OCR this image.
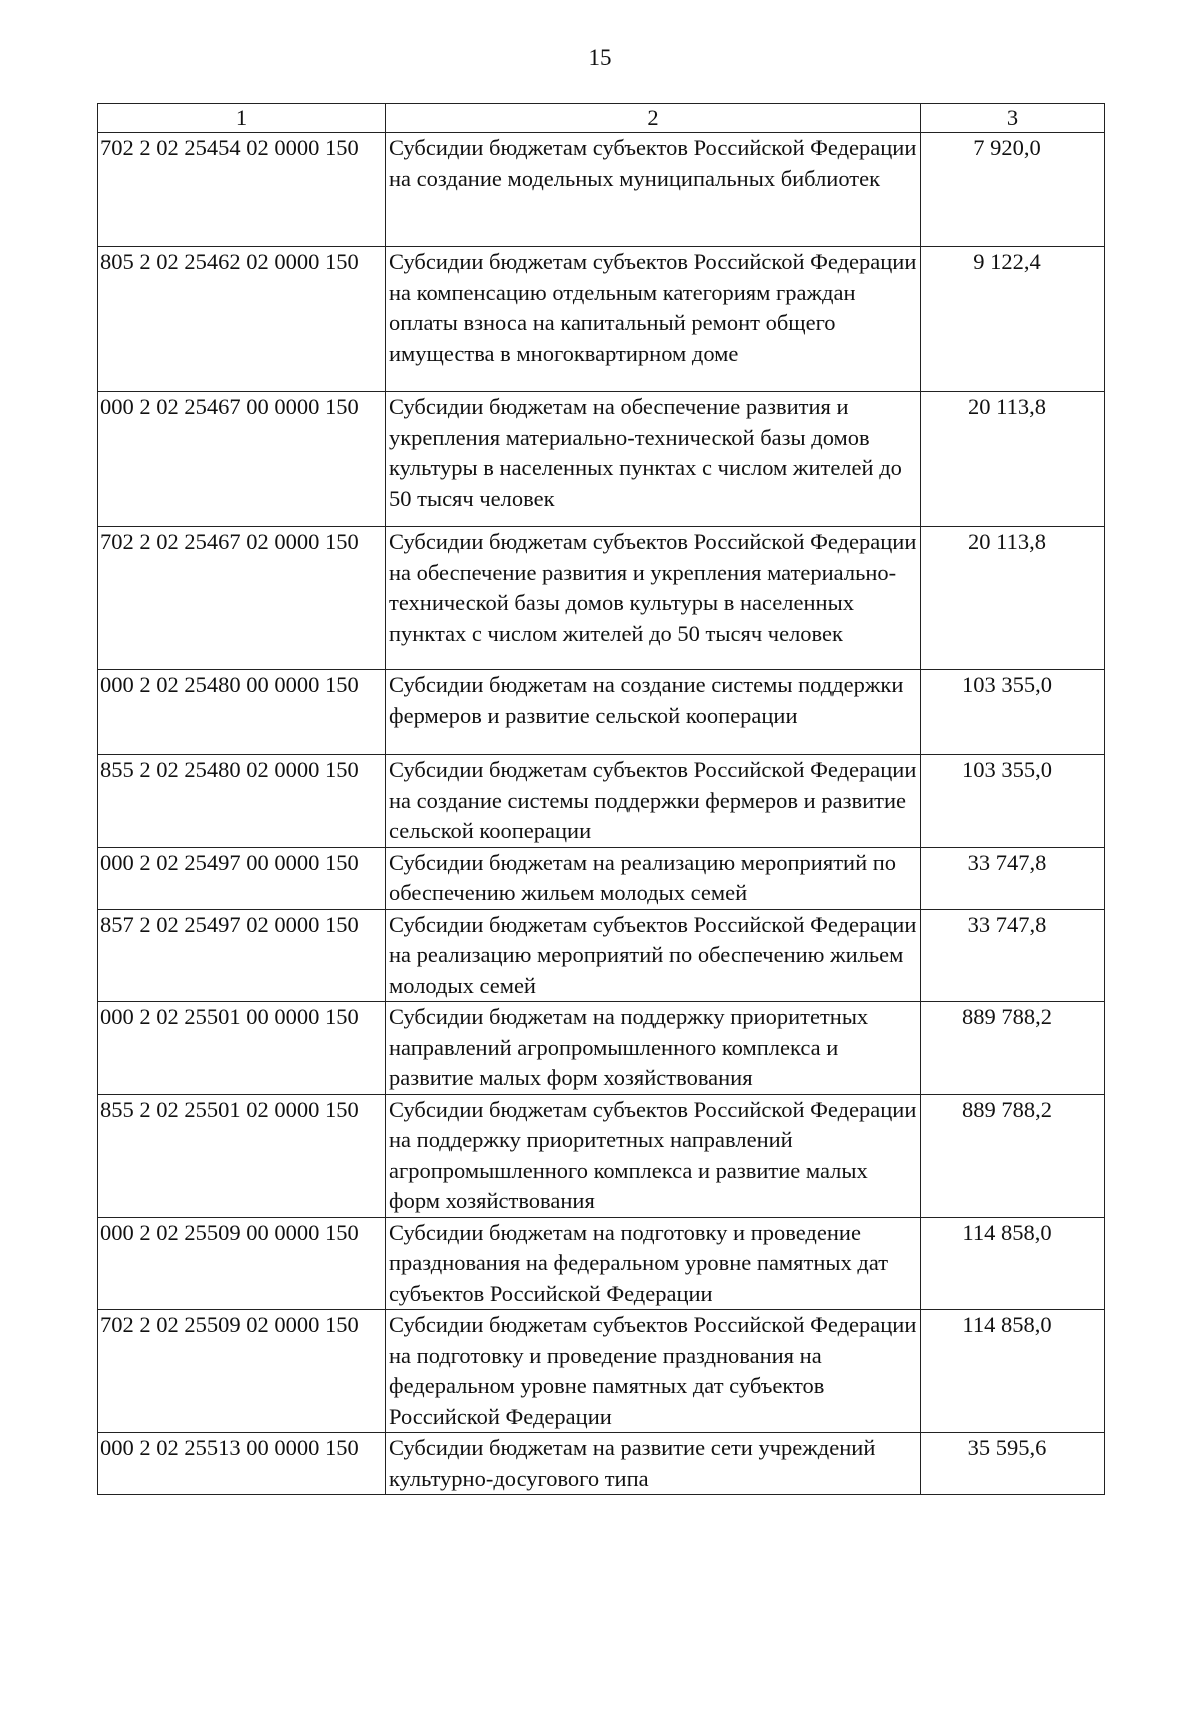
15
1	2	3
702 2 02 25454 02 0000 150	Субсидии бюджетам субъектов Российской Федерации на создание модельных муниципальных библиотек	7 920,0
805 2 02 25462 02 0000 150	Субсидии бюджетам субъектов Российской Федерации на компенсацию отдельным категориям граждан оплаты взноса на капитальный ремонт общего имущества в многоквартирном доме	9 122,4
000 2 02 25467 00 0000 150	Субсидии бюджетам на обеспечение развития и укрепления материально-технической базы домов культуры в населенных пунктах с числом жителей до 50 тысяч человек	20 113,8
702 2 02 25467 02 0000 150	Субсидии бюджетам субъектов Российской Федерации на обеспечение развития и укрепления материально-технической базы домов культуры в населенных пунктах с числом жителей до 50 тысяч человек	20 113,8
000 2 02 25480 00 0000 150	Субсидии бюджетам на создание системы поддержки фермеров и развитие сельской кооперации	103 355,0
855 2 02 25480 02 0000 150	Субсидии бюджетам субъектов Российской Федерации на создание системы поддержки фермеров и развитие сельской кооперации	103 355,0
000 2 02 25497 00 0000 150	Субсидии бюджетам на реализацию мероприятий по обеспечению жильем молодых семей	33 747,8
857 2 02 25497 02 0000 150	Субсидии бюджетам субъектов Российской Федерации на реализацию мероприятий по обеспечению жильем молодых семей	33 747,8
000 2 02 25501 00 0000 150	Субсидии бюджетам на поддержку приоритетных направлений агропромышленного комплекса и развитие малых форм хозяйствования	889 788,2
855 2 02 25501 02 0000 150	Субсидии бюджетам субъектов Российской Федерации на поддержку приоритетных направлений агропромышленного комплекса и развитие малых форм хозяйствования	889 788,2
000 2 02 25509 00 0000 150	Субсидии бюджетам на подготовку и проведение празднования на федеральном уровне памятных дат субъектов Российской Федерации	114 858,0
702 2 02 25509 02 0000 150	Субсидии бюджетам субъектов Российской Федерации на подготовку и проведение празднования на федеральном уровне памятных дат субъектов Российской Федерации	114 858,0
000 2 02 25513 00 0000 150	Субсидии бюджетам на развитие сети учреждений культурно-досугового типа	35 595,6
